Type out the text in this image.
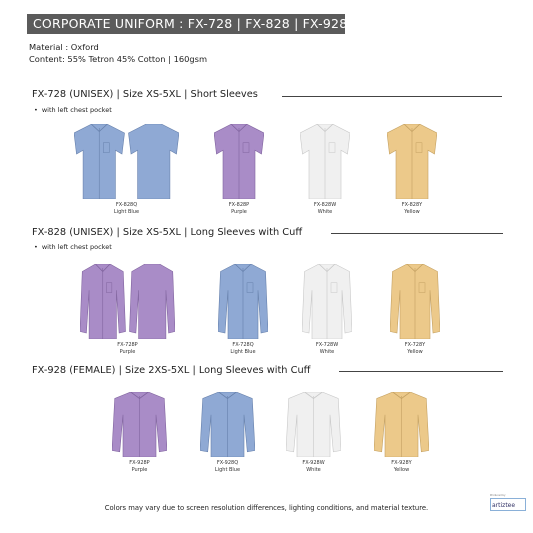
CORPORATE UNIFORM : FX-728 | FX-828 | FX-928
Material : Oxford
Content: 55% Tetron 45% Cotton | 160gsm
FX-728 (UNISEX) | Size XS-5XL | Short Sleeves
• with left chest pocket
FX-828 (UNISEX) | Size XS-5XL | Long Sleeves with Cuff
• with left chest pocket
FX-928 (FEMALE) | Size 2XS-5XL | Long Sleeves with Cuff
FX-828Q
Light Blue
FX-828P
Purple
FX-828W
White
FX-828Y
Yellow
FX-728P
Purple
FX-728Q
Light Blue
FX-728W
White
FX-728Y
Yellow
FX-928P
Purple
FX-928Q
Light Blue
FX-928W
White
FX-928Y
Yellow
Colors may vary due to screen resolution differences, lighting conditions, and material texture.
Produced by
artiztee
